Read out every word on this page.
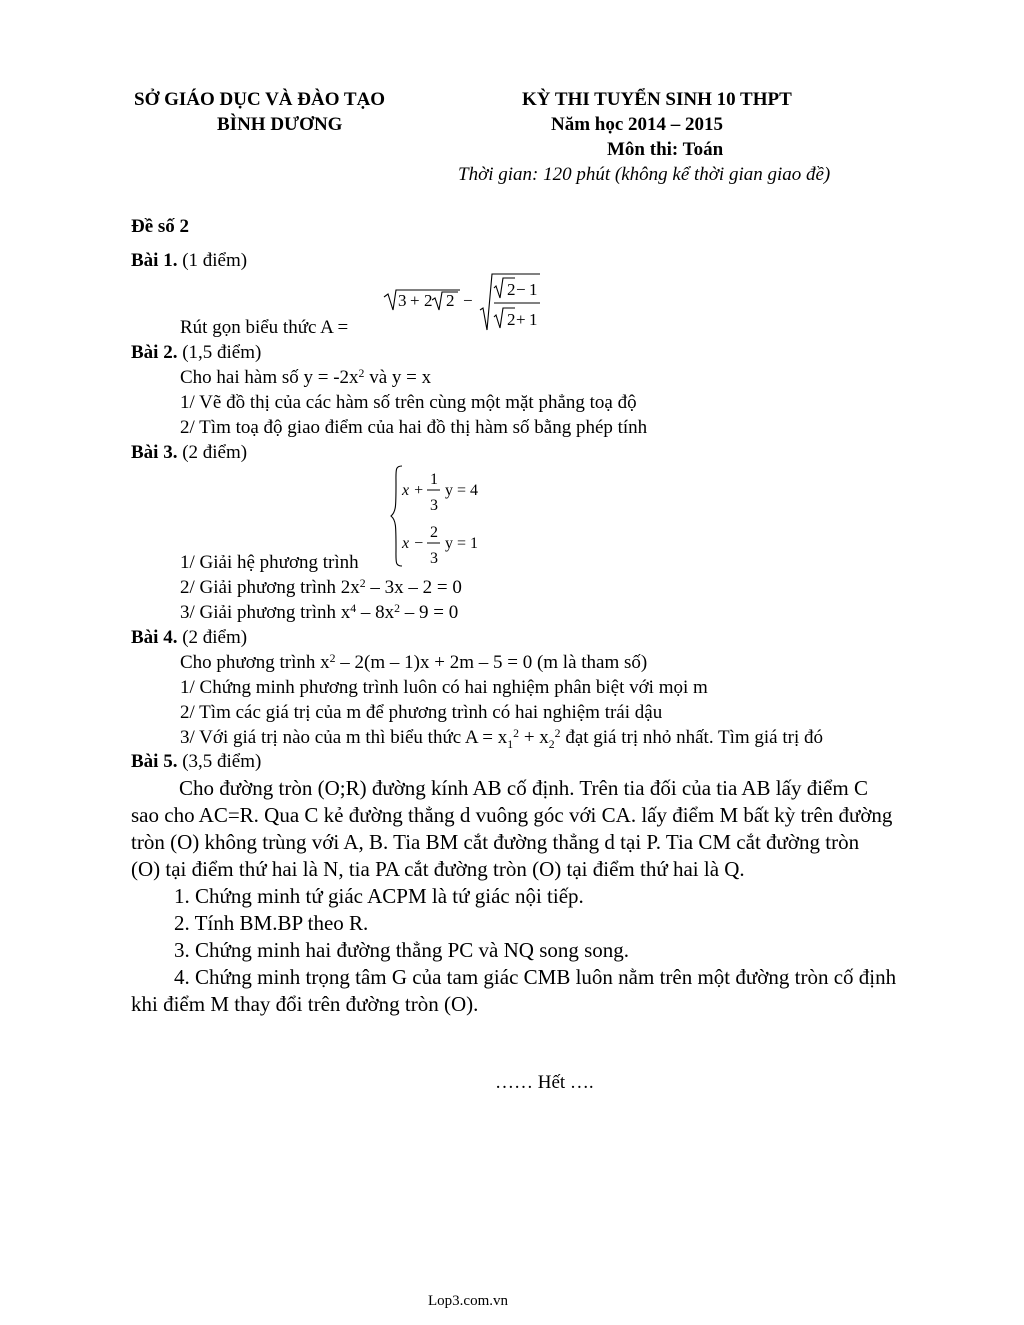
SỞ GIÁO DỤC VÀ ĐÀO TẠO
BÌNH DƯƠNG
KỲ THI TUYỂN SINH 10 THPT
Năm học 2014 – 2015
Môn thi: Toán
Thời gian: 120 phút (không kể thời gian giao đề)
Đề số 2
Bài 1. (1 điểm)
3 + 2 2 −
2 − 1
2 + 1
Rút gọn biểu thức A =
Bài 2. (1,5 điểm)
Cho hai hàm số $y = -2x^2$ và y = x
1/ Vẽ đồ thị của các hàm số trên cùng một mặt phẳng toạ độ
2/ Tìm toạ độ giao điểm của hai đồ thị hàm số bằng phép tính
Bài 3. (2 điểm)
x +
1
3
y = 4
x −
2
3
y = 1
1/ Giải hệ phương trình
2/ Giải phương trình $2x^2 - 3x - 2 = 0$
3/ Giải phương trình $x^4 - 8x^2 - 9 = 0$
Bài 4. (2 điểm)
Cho phương trình $x^2 - 2(m - 1)x + 2m - 5 = 0$ (m là tham số)
1/ Chứng minh phương trình luôn có hai nghiệm phân biệt với mọi m
2/ Tìm các giá trị của m để phương trình có hai nghiệm trái dậu
3/ Với giá trị nào của m thì biểu thức $A = x_1^2 + x_2^2$ đạt giá trị nhỏ nhất. Tìm giá trị đó
Bài 5. (3,5 điểm)
Cho đường tròn (O;R) đường kính AB cố định. Trên tia đối của tia AB lấy điểm C
sao cho AC=R. Qua C kẻ đường thẳng d vuông góc với CA. lấy điểm M bất kỳ trên đường
tròn (O) không trùng với A, B. Tia BM cắt đường thẳng d tại P. Tia CM cắt đường tròn
(O) tại điểm thứ hai là N, tia PA cắt đường tròn (O) tại điểm thứ hai là Q.
1. Chứng minh tứ giác ACPM là tứ giác nội tiếp.
2. Tính BM.BP theo R.
3. Chứng minh hai đường thẳng PC và NQ song song.
4. Chứng minh trọng tâm G của tam giác CMB luôn nằm trên một đường tròn cố định
khi điểm M thay đổi trên đường tròn (O).
…… Hết ….
Lop3.com.vn
